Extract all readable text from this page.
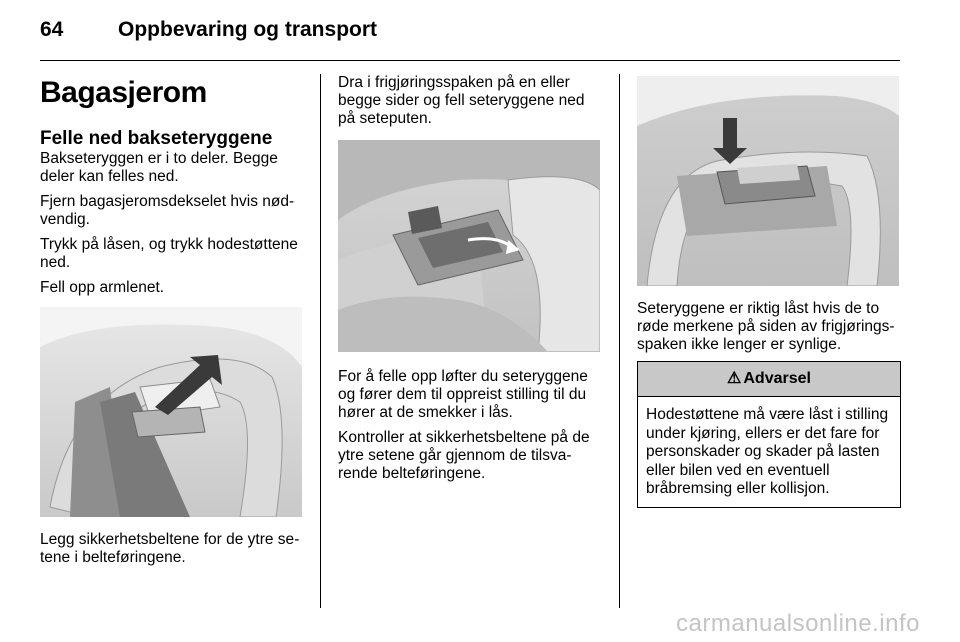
64	Oppbevaring og transport
Bagasjerom
Felle ned bakseteryggene

Bakseteryggen er i to deler. Begge deler kan felles ned.

Fjern bagasjeromsdekselet hvis nødvendig.

Trykk på låsen, og trykk hodestøttene ned.

Fell opp armlenet.

Legg sikkerhetsbeltene for de ytre setene i belteføringene.

Dra i frigjøringsspaken på en eller begge sider og fell seteryggene ned på seteputen.

For å felle opp løfter du seteryggene og fører dem til oppreist stilling til du hører at de smekker i lås.

Kontroller at sikkerhetsbeltene på de ytre setene går gjennom de tilsvarende belteføringene.

Seteryggene er riktig låst hvis de to røde merkene på siden av frigjøringsspaken ikke lenger er synlige.

⚠ Advarsel
Hodestøttene må være låst i stilling under kjøring, ellers er det fare for personskader og skader på lasten eller bilen ved en eventuell bråbremsing eller kollisjon.
carmanualsonline.info
